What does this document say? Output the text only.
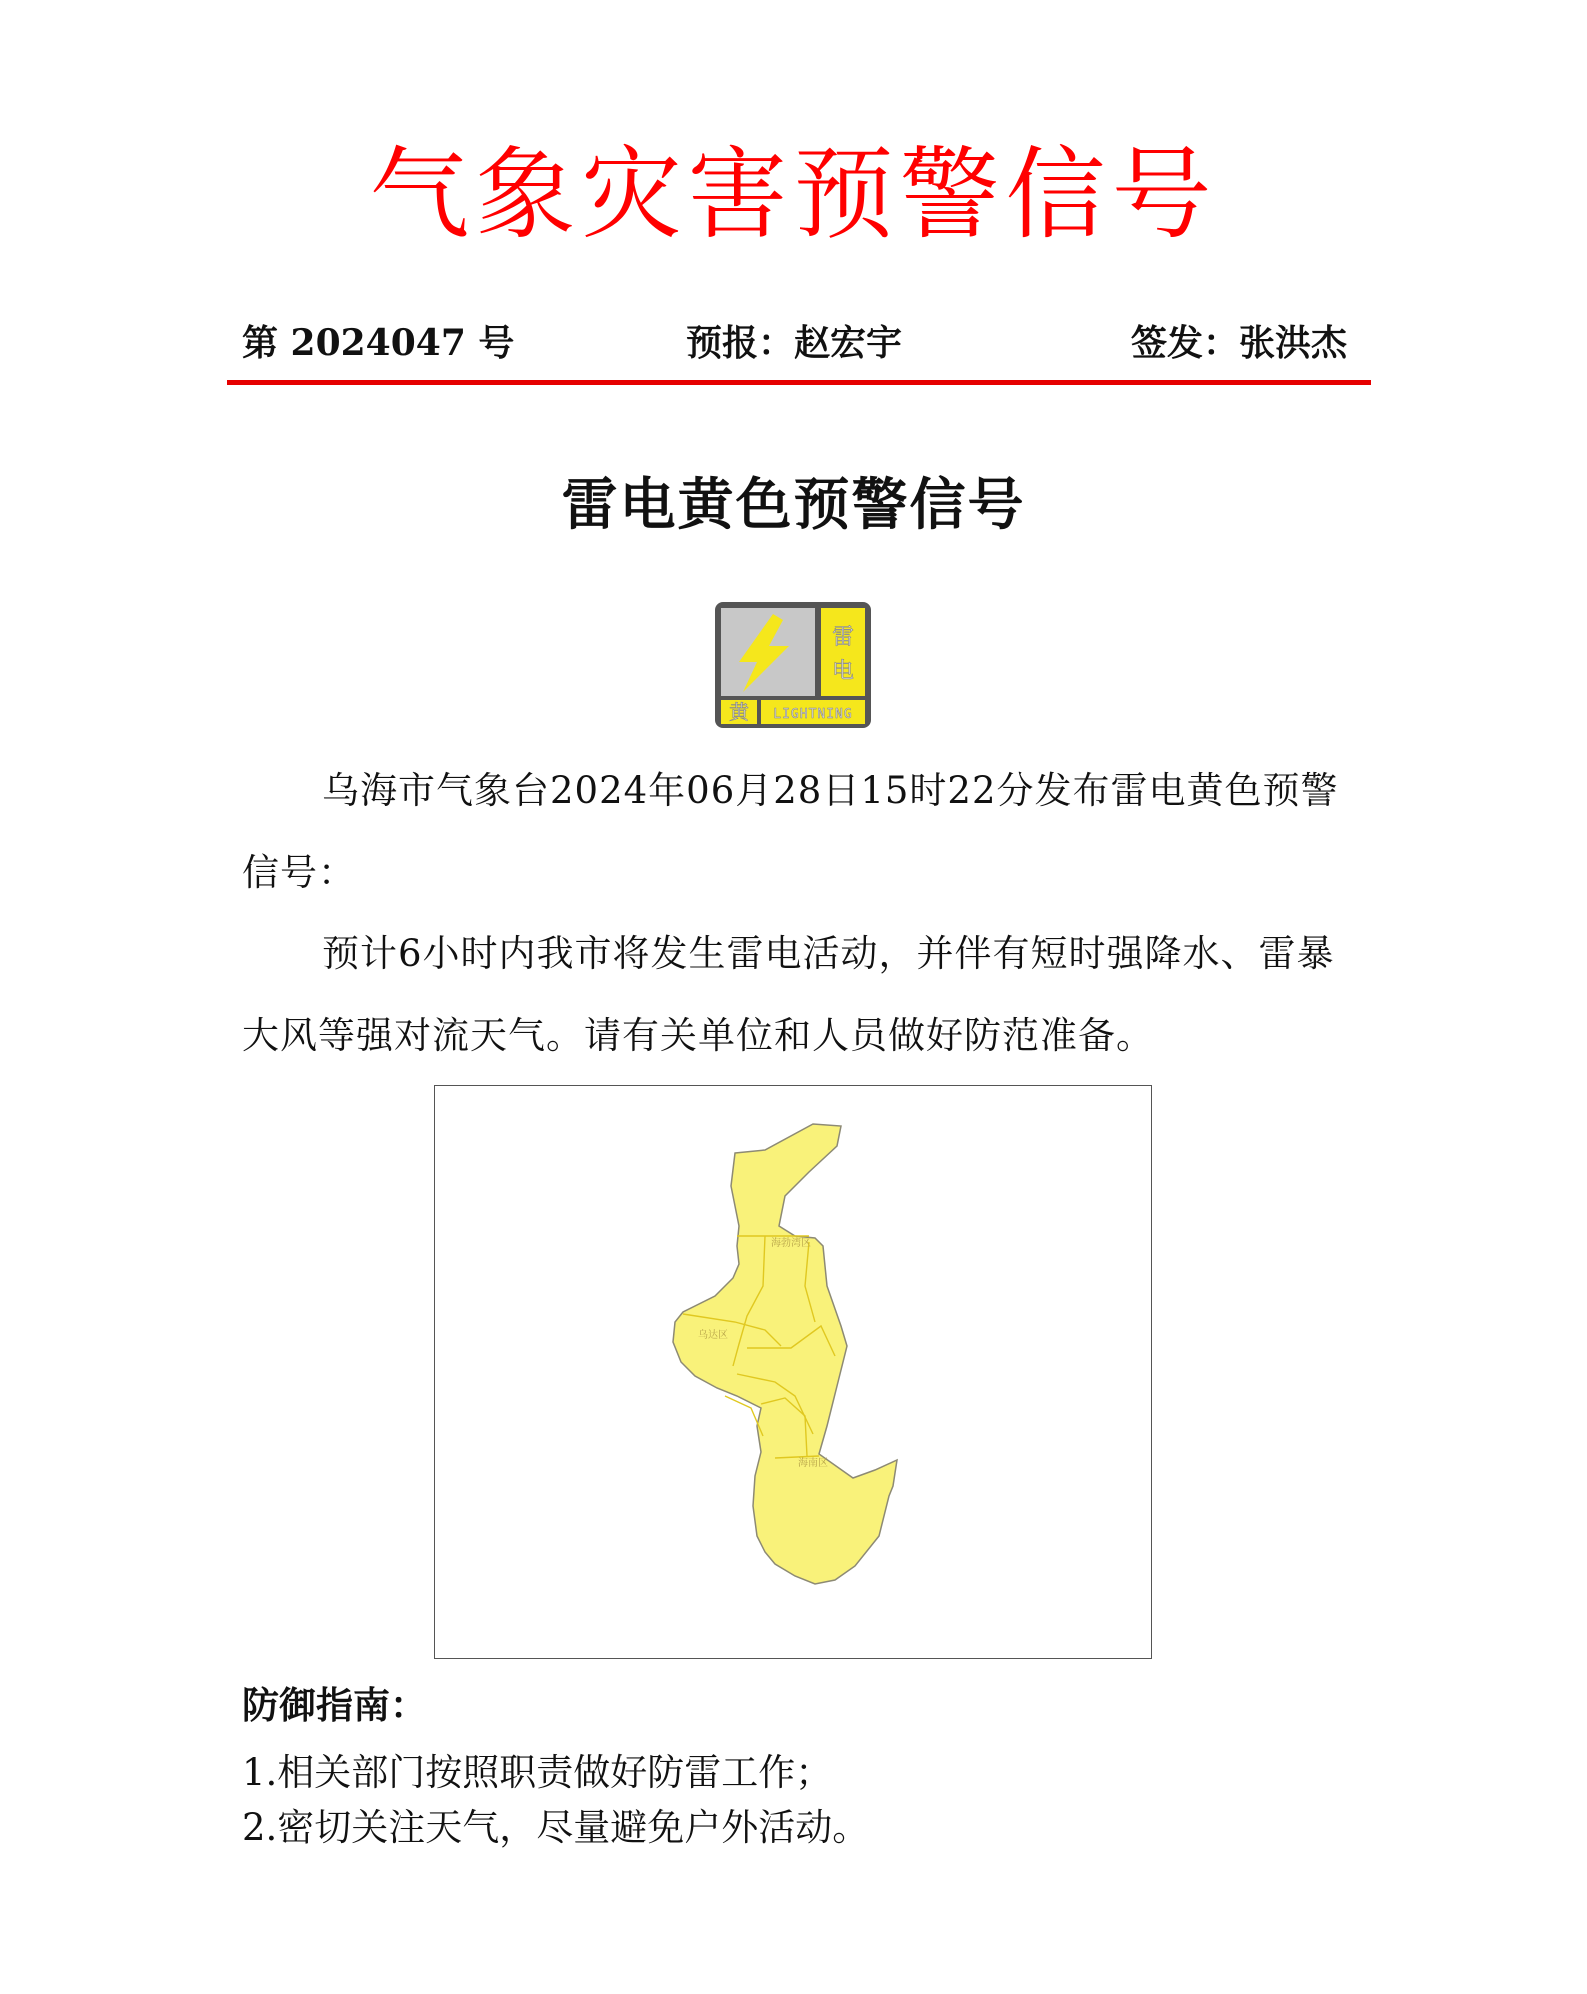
气象灾害预警信号
第 2024047 号	预报：赵宏宇	签发：张洪杰
雷电黄色预警信号
雷
电
黄 LIGHTNING
乌海市气象台2024年06月28日15时22分发布雷电黄色预警信号：
预计6小时内我市将发生雷电活动，并伴有短时强降水、雷暴大风等强对流天气。请有关单位和人员做好防范准备。
海勃湾区
乌达区
海南区
防御指南：
1.相关部门按照职责做好防雷工作；
2.密切关注天气，尽量避免户外活动。
